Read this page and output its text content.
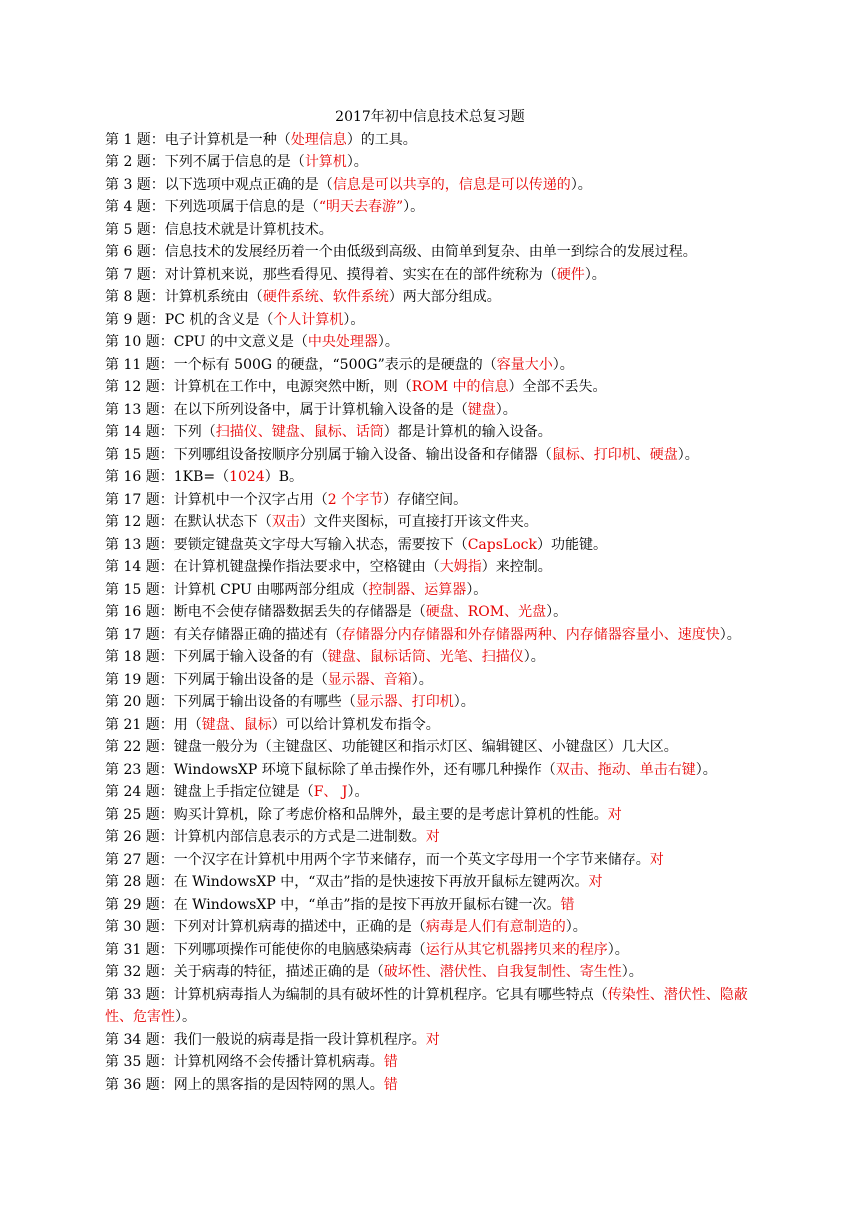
2017年初中信息技术总复习题
第 1 题：电子计算机是一种（处理信息）的工具。
第 2 题：下列不属于信息的是（计算机）。
第 3 题：以下选项中观点正确的是（信息是可以共享的，信息是可以传递的）。
第 4 题：下列选项属于信息的是（“明天去春游”）。
第 5 题：信息技术就是计算机技术。
第 6 题：信息技术的发展经历着一个由低级到高级、由简单到复杂、由单一到综合的发展过程。
第 7 题：对计算机来说，那些看得见、摸得着、实实在在的部件统称为（硬件）。
第 8 题：计算机系统由（硬件系统、软件系统）两大部分组成。
第 9 题：PC 机的含义是（个人计算机）。
第 10 题：CPU 的中文意义是（中央处理器）。
第 11 题：一个标有 500G 的硬盘，“500G”表示的是硬盘的（容量大小）。
第 12 题：计算机在工作中，电源突然中断，则（ROM 中的信息）全部不丢失。
第 13 题：在以下所列设备中，属于计算机输入设备的是（键盘）。
第 14 题：下列（扫描仪、键盘、鼠标、话筒）都是计算机的输入设备。
第 15 题：下列哪组设备按顺序分别属于输入设备、输出设备和存储器（鼠标、打印机、硬盘）。
第 16 题：1KB=（1024）B。
第 17 题：计算机中一个汉字占用（2 个字节）存储空间。
第 12 题：在默认状态下（双击）文件夹图标，可直接打开该文件夹。
第 13 题：要锁定键盘英文字母大写输入状态，需要按下（CapsLock）功能键。
第 14 题：在计算机键盘操作指法要求中，空格键由（大姆指）来控制。
第 15 题：计算机 CPU 由哪两部分组成（控制器、运算器）。
第 16 题：断电不会使存储器数据丢失的存储器是（硬盘、ROM、光盘）。
第 17 题：有关存储器正确的描述有（存储器分内存储器和外存储器两种、内存储器容量小、速度快）。
第 18 题：下列属于输入设备的有（键盘、鼠标话筒、光笔、扫描仪）。
第 19 题：下列属于输出设备的是（显示器、音箱）。
第 20 题：下列属于输出设备的有哪些（显示器、打印机）。
第 21 题：用（键盘、鼠标）可以给计算机发布指令。
第 22 题：键盘一般分为（主键盘区、功能键区和指示灯区、编辑键区、小键盘区）几大区。
第 23 题：WindowsXP 环境下鼠标除了单击操作外，还有哪几种操作（双击、拖动、单击右键）。
第 24 题：键盘上手指定位键是（F、 J）。
第 25 题：购买计算机，除了考虑价格和品牌外，最主要的是考虑计算机的性能。对
第 26 题：计算机内部信息表示的方式是二进制数。对
第 27 题：一个汉字在计算机中用两个字节来储存，而一个英文字母用一个字节来储存。对
第 28 题：在 WindowsXP 中，“双击”指的是快速按下再放开鼠标左键两次。对
第 29 题：在 WindowsXP 中，“单击”指的是按下再放开鼠标右键一次。错
第 30 题：下列对计算机病毒的描述中，正确的是（病毒是人们有意制造的）。
第 31 题：下列哪项操作可能使你的电脑感染病毒（运行从其它机器拷贝来的程序）。
第 32 题：关于病毒的特征，描述正确的是（破坏性、潜伏性、自我复制性、寄生性）。
第 33 题：计算机病毒指人为编制的具有破坏性的计算机程序。它具有哪些特点（传染性、潜伏性、隐蔽性、危害性）。
第 34 题：我们一般说的病毒是指一段计算机程序。对
第 35 题：计算机网络不会传播计算机病毒。错
第 36 题：网上的黑客指的是因特网的黑人。错
